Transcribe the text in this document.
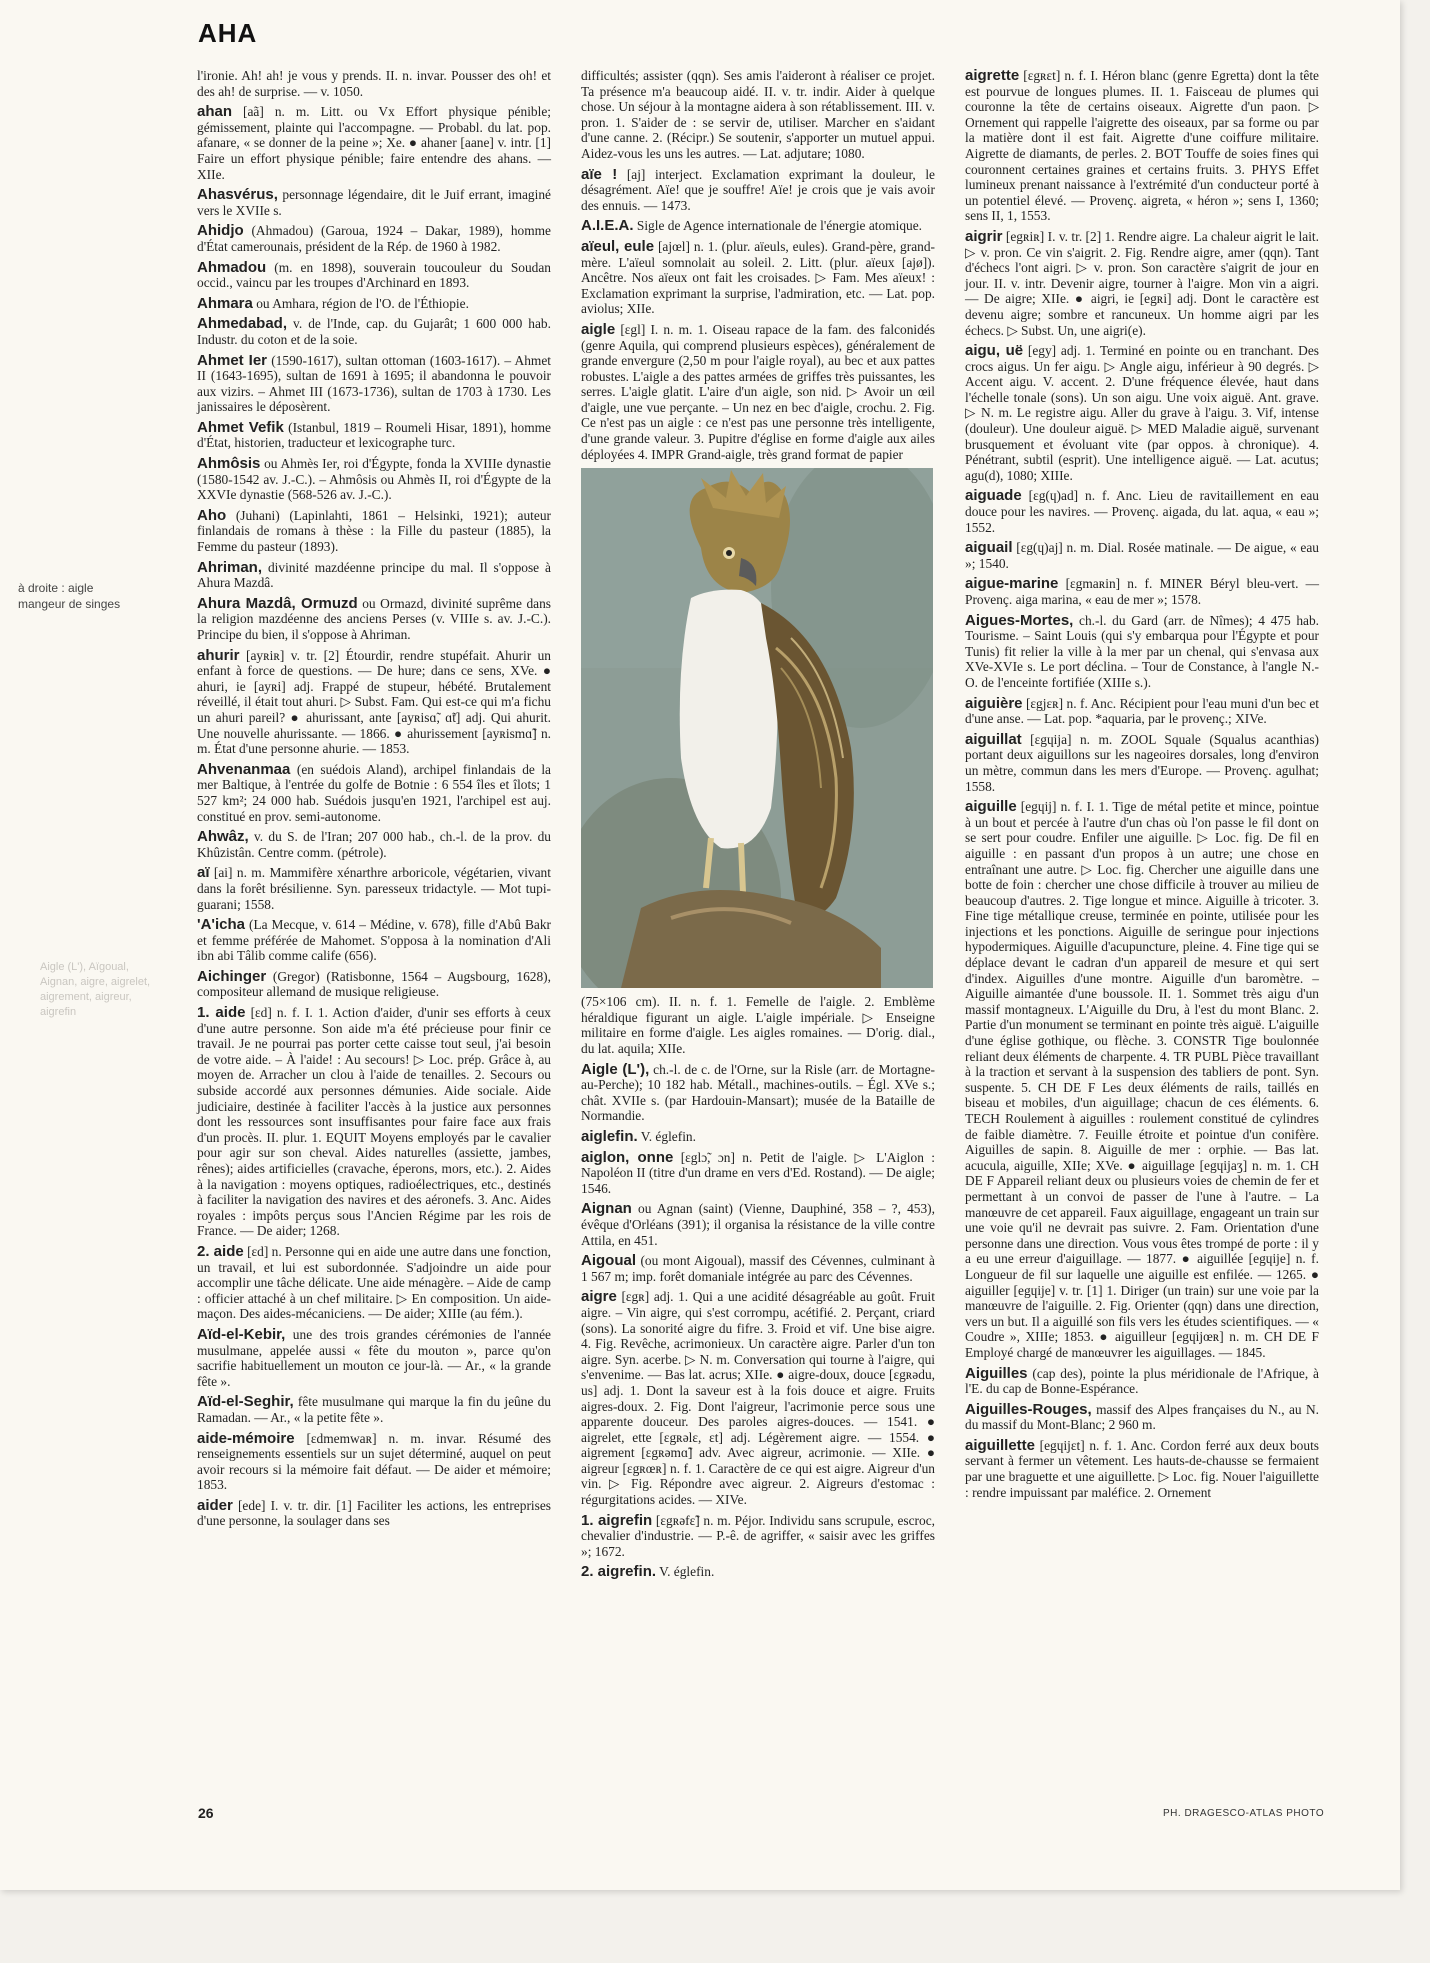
AHA
à droite : aigle
mangeur de singes
Aigle (L'), Aïgoual, Aignan, aigre, aigrelet, aigrement, aigreur, aigrefin

l'ironie. Ah! ah! je vous y prends. II. n. invar. Pousser des oh! et des ah! de surprise. — v. 1050.

ahan [aã] n. m. Litt. ou Vx Effort physique pénible; gémissement, plainte qui l'accompagne. — Probabl. du lat. pop. afanare, « se donner de la peine »; Xe. ● ahaner [aane] v. intr. [1] Faire un effort physique pénible; faire entendre des ahans. — XIIe.

Ahasvérus, personnage légendaire, dit le Juif errant, imaginé vers le XVIIe s.

Ahidjo (Ahmadou) (Garoua, 1924 – Dakar, 1989), homme d'État camerounais, président de la Rép. de 1960 à 1982.

Ahmadou (m. en 1898), souverain toucouleur du Soudan occid., vaincu par les troupes d'Archinard en 1893.

Ahmara ou Amhara, région de l'O. de l'Éthiopie.

Ahmedabad, v. de l'Inde, cap. du Gujarât; 1 600 000 hab. Industr. du coton et de la soie.

Ahmet Ier (1590-1617), sultan ottoman (1603-1617). – Ahmet II (1643-1695), sultan de 1691 à 1695; il abandonna le pouvoir aux vizirs. – Ahmet III (1673-1736), sultan de 1703 à 1730. Les janissaires le déposèrent.

Ahmet Vefik (Istanbul, 1819 – Roumeli Hisar, 1891), homme d'État, historien, traducteur et lexicographe turc.

Ahmôsis ou Ahmès Ier, roi d'Égypte, fonda la XVIIIe dynastie (1580-1542 av. J.-C.). – Ahmôsis ou Ahmès II, roi d'Égypte de la XXVIe dynastie (568-526 av. J.-C.).

Aho (Juhani) (Lapinlahti, 1861 – Helsinki, 1921); auteur finlandais de romans à thèse : la Fille du pasteur (1885), la Femme du pasteur (1893).

Ahriman, divinité mazdéenne principe du mal. Il s'oppose à Ahura Mazdâ.

Ahura Mazdâ, Ormuzd ou Ormazd, divinité suprême dans la religion mazdéenne des anciens Perses (v. VIIIe s. av. J.-C.). Principe du bien, il s'oppose à Ahriman.

ahurir [ayʀiʀ] v. tr. [2] Étourdir, rendre stupéfait. Ahurir un enfant à force de questions. — De hure; dans ce sens, XVe. ● ahuri, ie [ayʀi] adj. Frappé de stupeur, hébété. Brutalement réveillé, il était tout ahuri. ▷ Subst. Fam. Qui est-ce qui m'a fichu un ahuri pareil? ● ahurissant, ante [ayʀisɑ̃, ɑ̃t] adj. Qui ahurit. Une nouvelle ahurissante. — 1866. ● ahurissement [ayʀismɑ̃] n. m. État d'une personne ahurie. — 1853.

Ahvenanmaa (en suédois Aland), archipel finlandais de la mer Baltique, à l'entrée du golfe de Botnie : 6 554 îles et îlots; 1 527 km²; 24 000 hab. Suédois jusqu'en 1921, l'archipel est auj. constitué en prov. semi-autonome.

Ahwâz, v. du S. de l'Iran; 207 000 hab., ch.-l. de la prov. du Khûzistân. Centre comm. (pétrole).

aï [ai] n. m. Mammifère xénarthre arboricole, végétarien, vivant dans la forêt brésilienne. Syn. paresseux tridactyle. — Mot tupi-guarani; 1558.

'A'icha (La Mecque, v. 614 – Médine, v. 678), fille d'Abû Bakr et femme préférée de Mahomet. S'opposa à la nomination d'Ali ibn abi Tâlib comme calife (656).

Aichinger (Gregor) (Ratisbonne, 1564 – Augsbourg, 1628), compositeur allemand de musique religieuse.

1. aide [ɛd] n. f. I. 1. Action d'aider, d'unir ses efforts à ceux d'une autre personne. Son aide m'a été précieuse pour finir ce travail. Je ne pourrai pas porter cette caisse tout seul, j'ai besoin de votre aide. – À l'aide! : Au secours! ▷ Loc. prép. Grâce à, au moyen de. Arracher un clou à l'aide de tenailles. 2. Secours ou subside accordé aux personnes démunies. Aide sociale. Aide judiciaire, destinée à faciliter l'accès à la justice aux personnes dont les ressources sont insuffisantes pour faire face aux frais d'un procès. II. plur. 1. EQUIT Moyens employés par le cavalier pour agir sur son cheval. Aides naturelles (assiette, jambes, rênes); aides artificielles (cravache, éperons, mors, etc.). 2. Aides à la navigation : moyens optiques, radioélectriques, etc., destinés à faciliter la navigation des navires et des aéronefs. 3. Anc. Aides royales : impôts perçus sous l'Ancien Régime par les rois de France. — De aider; 1268.

2. aide [ɛd] n. Personne qui en aide une autre dans une fonction, un travail, et lui est subordonnée. S'adjoindre un aide pour accomplir une tâche délicate. Une aide ménagère. – Aide de camp : officier attaché à un chef militaire. ▷ En composition. Un aide-maçon. Des aides-mécaniciens. — De aider; XIIIe (au fém.).

Aïd-el-Kebir, une des trois grandes cérémonies de l'année musulmane, appelée aussi « fête du mouton », parce qu'on sacrifie habituellement un mouton ce jour-là. — Ar., « la grande fête ».

Aïd-el-Seghir, fête musulmane qui marque la fin du jeûne du Ramadan. — Ar., « la petite fête ».

aide-mémoire [ɛdmemwaʀ] n. m. invar. Résumé des renseignements essentiels sur un sujet déterminé, auquel on peut avoir recours si la mémoire fait défaut. — De aider et mémoire; 1853.

aider [ede] I. v. tr. dir. [1] Faciliter les actions, les entreprises d'une personne, la soulager dans ses

difficultés; assister (qqn). Ses amis l'aideront à réaliser ce projet. Ta présence m'a beaucoup aidé. II. v. tr. indir. Aider à quelque chose. Un séjour à la montagne aidera à son rétablissement. III. v. pron. 1. S'aider de : se servir de, utiliser. Marcher en s'aidant d'une canne. 2. (Récipr.) Se soutenir, s'apporter un mutuel appui. Aidez-vous les uns les autres. — Lat. adjutare; 1080.

aïe ! [aj] interject. Exclamation exprimant la douleur, le désagrément. Aïe! que je souffre! Aïe! je crois que je vais avoir des ennuis. — 1473.

A.I.E.A. Sigle de Agence internationale de l'énergie atomique.

aïeul, eule [ajœl] n. 1. (plur. aïeuls, eules). Grand-père, grand-mère. L'aïeul somnolait au soleil. 2. Litt. (plur. aïeux [ajø]). Ancêtre. Nos aïeux ont fait les croisades. ▷ Fam. Mes aïeux! : Exclamation exprimant la surprise, l'admiration, etc. — Lat. pop. aviolus; XIIe.

aigle [ɛgl] I. n. m. 1. Oiseau rapace de la fam. des falconidés (genre Aquila, qui comprend plusieurs espèces), généralement de grande envergure (2,50 m pour l'aigle royal), au bec et aux pattes robustes. L'aigle a des pattes armées de griffes très puissantes, les serres. L'aigle glatit. L'aire d'un aigle, son nid. ▷ Avoir un œil d'aigle, une vue perçante. – Un nez en bec d'aigle, crochu. 2. Fig. Ce n'est pas un aigle : ce n'est pas une personne très intelligente, d'une grande valeur. 3. Pupitre d'église en forme d'aigle aux ailes déployées 4. IMPR Grand-aigle, très grand format de papier

(75×106 cm). II. n. f. 1. Femelle de l'aigle. 2. Emblème héraldique figurant un aigle. L'aigle impériale. ▷ Enseigne militaire en forme d'aigle. Les aigles romaines. — D'orig. dial., du lat. aquila; XIIe.

Aigle (L'), ch.-l. de c. de l'Orne, sur la Risle (arr. de Mortagne-au-Perche); 10 182 hab. Métall., machines-outils. – Égl. XVe s.; chât. XVIIe s. (par Hardouin-Mansart); musée de la Bataille de Normandie.

aiglefin. V. églefin.

aiglon, onne [ɛglɔ̃, ɔn] n. Petit de l'aigle. ▷ L'Aiglon : Napoléon II (titre d'un drame en vers d'Ed. Rostand). — De aigle; 1546.

Aignan ou Agnan (saint) (Vienne, Dauphiné, 358 – ?, 453), évêque d'Orléans (391); il organisa la résistance de la ville contre Attila, en 451.

Aigoual (ou mont Aigoual), massif des Cévennes, culminant à 1 567 m; imp. forêt domaniale intégrée au parc des Cévennes.

aigre [ɛgʀ] adj. 1. Qui a une acidité désagréable au goût. Fruit aigre. – Vin aigre, qui s'est corrompu, acétifié. 2. Perçant, criard (sons). La sonorité aigre du fifre. 3. Froid et vif. Une bise aigre. 4. Fig. Revêche, acrimonieux. Un caractère aigre. Parler d'un ton aigre. Syn. acerbe. ▷ N. m. Conversation qui tourne à l'aigre, qui s'envenime. — Bas lat. acrus; XIIe. ● aigre-doux, douce [ɛgʀədu, us] adj. 1. Dont la saveur est à la fois douce et aigre. Fruits aigres-doux. 2. Fig. Dont l'aigreur, l'acrimonie perce sous une apparente douceur. Des paroles aigres-douces. — 1541. ● aigrelet, ette [ɛgʀəlɛ, ɛt] adj. Légèrement aigre. — 1554. ● aigrement [ɛgʀəmɑ̃] adv. Avec aigreur, acrimonie. — XIIe. ● aigreur [ɛgʀœʀ] n. f. 1. Caractère de ce qui est aigre. Aigreur d'un vin. ▷ Fig. Répondre avec aigreur. 2. Aigreurs d'estomac : régurgitations acides. — XIVe.

1. aigrefin [ɛgʀəfɛ̃] n. m. Péjor. Individu sans scrupule, escroc, chevalier d'industrie. — P.-ê. de agriffer, « saisir avec les griffes »; 1672.

2. aigrefin. V. églefin.

aigrette [ɛgʀɛt] n. f. I. Héron blanc (genre Egretta) dont la tête est pourvue de longues plumes. II. 1. Faisceau de plumes qui couronne la tête de certains oiseaux. Aigrette d'un paon. ▷ Ornement qui rappelle l'aigrette des oiseaux, par sa forme ou par la matière dont il est fait. Aigrette d'une coiffure militaire. Aigrette de diamants, de perles. 2. BOT Touffe de soies fines qui couronnent certaines graines et certains fruits. 3. PHYS Effet lumineux prenant naissance à l'extrémité d'un conducteur porté à un potentiel élevé. — Provenç. aigreta, « héron »; sens I, 1360; sens II, 1, 1553.

aigrir [egʀiʀ] I. v. tr. [2] 1. Rendre aigre. La chaleur aigrit le lait. ▷ v. pron. Ce vin s'aigrit. 2. Fig. Rendre aigre, amer (qqn). Tant d'échecs l'ont aigri. ▷ v. pron. Son caractère s'aigrit de jour en jour. II. v. intr. Devenir aigre, tourner à l'aigre. Mon vin a aigri. — De aigre; XIIe. ● aigri, ie [egʀi] adj. Dont le caractère est devenu aigre; sombre et rancuneux. Un homme aigri par les échecs. ▷ Subst. Un, une aigri(e).

aigu, uë [egy] adj. 1. Terminé en pointe ou en tranchant. Des crocs aigus. Un fer aigu. ▷ Angle aigu, inférieur à 90 degrés. ▷ Accent aigu. V. accent. 2. D'une fréquence élevée, haut dans l'échelle tonale (sons). Un son aigu. Une voix aiguë. Ant. grave. ▷ N. m. Le registre aigu. Aller du grave à l'aigu. 3. Vif, intense (douleur). Une douleur aiguë. ▷ MED Maladie aiguë, survenant brusquement et évoluant vite (par oppos. à chronique). 4. Pénétrant, subtil (esprit). Une intelligence aiguë. — Lat. acutus; agu(d), 1080; XIIIe.

aiguade [ɛg(ɥ)ad] n. f. Anc. Lieu de ravitaillement en eau douce pour les navires. — Provenç. aigada, du lat. aqua, « eau »; 1552.

aiguail [ɛg(ɥ)aj] n. m. Dial. Rosée matinale. — De aigue, « eau »; 1540.

aigue-marine [ɛgmaʀin] n. f. MINER Béryl bleu-vert. — Provenç. aiga marina, « eau de mer »; 1578.

Aigues-Mortes, ch.-l. du Gard (arr. de Nîmes); 4 475 hab. Tourisme. – Saint Louis (qui s'y embarqua pour l'Égypte et pour Tunis) fit relier la ville à la mer par un chenal, qui s'envasa aux XVe-XVIe s. Le port déclina. – Tour de Constance, à l'angle N.-O. de l'enceinte fortifiée (XIIIe s.).

aiguière [ɛgjɛʀ] n. f. Anc. Récipient pour l'eau muni d'un bec et d'une anse. — Lat. pop. *aquaria, par le provenç.; XIVe.

aiguillat [ɛgɥija] n. m. ZOOL Squale (Squalus acanthias) portant deux aiguillons sur les nageoires dorsales, long d'environ un mètre, commun dans les mers d'Europe. — Provenç. agulhat; 1558.

aiguille [egɥij] n. f. I. 1. Tige de métal petite et mince, pointue à un bout et percée à l'autre d'un chas où l'on passe le fil dont on se sert pour coudre. Enfiler une aiguille. ▷ Loc. fig. De fil en aiguille : en passant d'un propos à un autre; une chose en entraînant une autre. ▷ Loc. fig. Chercher une aiguille dans une botte de foin : chercher une chose difficile à trouver au milieu de beaucoup d'autres. 2. Tige longue et mince. Aiguille à tricoter. 3. Fine tige métallique creuse, terminée en pointe, utilisée pour les injections et les ponctions. Aiguille de seringue pour injections hypodermiques. Aiguille d'acupuncture, pleine. 4. Fine tige qui se déplace devant le cadran d'un appareil de mesure et qui sert d'index. Aiguilles d'une montre. Aiguille d'un baromètre. – Aiguille aimantée d'une boussole. II. 1. Sommet très aigu d'un massif montagneux. L'Aiguille du Dru, à l'est du mont Blanc. 2. Partie d'un monument se terminant en pointe très aiguë. L'aiguille d'une église gothique, ou flèche. 3. CONSTR Tige boulonnée reliant deux éléments de charpente. 4. TR PUBL Pièce travaillant à la traction et servant à la suspension des tabliers de pont. Syn. suspente. 5. CH DE F Les deux éléments de rails, taillés en biseau et mobiles, d'un aiguillage; chacun de ces éléments. 6. TECH Roulement à aiguilles : roulement constitué de cylindres de faible diamètre. 7. Feuille étroite et pointue d'un conifère. Aiguilles de sapin. 8. Aiguille de mer : orphie. — Bas lat. acucula, aiguille, XIIe; XVe. ● aiguillage [egɥijaʒ] n. m. 1. CH DE F Appareil reliant deux ou plusieurs voies de chemin de fer et permettant à un convoi de passer de l'une à l'autre. – La manœuvre de cet appareil. Faux aiguillage, engageant un train sur une voie qu'il ne devrait pas suivre. 2. Fam. Orientation d'une personne dans une direction. Vous vous êtes trompé de porte : il y a eu une erreur d'aiguillage. — 1877. ● aiguillée [egɥije] n. f. Longueur de fil sur laquelle une aiguille est enfilée. — 1265. ● aiguiller [egɥije] v. tr. [1] 1. Diriger (un train) sur une voie par la manœuvre de l'aiguille. 2. Fig. Orienter (qqn) dans une direction, vers un but. Il a aiguillé son fils vers les études scientifiques. — « Coudre », XIIIe; 1853. ● aiguilleur [egɥijœʀ] n. m. CH DE F Employé chargé de manœuvrer les aiguillages. — 1845.

Aiguilles (cap des), pointe la plus méridionale de l'Afrique, à l'E. du cap de Bonne-Espérance.

Aiguilles-Rouges, massif des Alpes françaises du N., au N. du massif du Mont-Blanc; 2 960 m.

aiguillette [egɥijɛt] n. f. 1. Anc. Cordon ferré aux deux bouts servant à fermer un vêtement. Les hauts-de-chausse se fermaient par une braguette et une aiguillette. ▷ Loc. fig. Nouer l'aiguillette : rendre impuissant par maléfice. 2. Ornement

26	PH. DRAGESCO-ATLAS PHOTO
